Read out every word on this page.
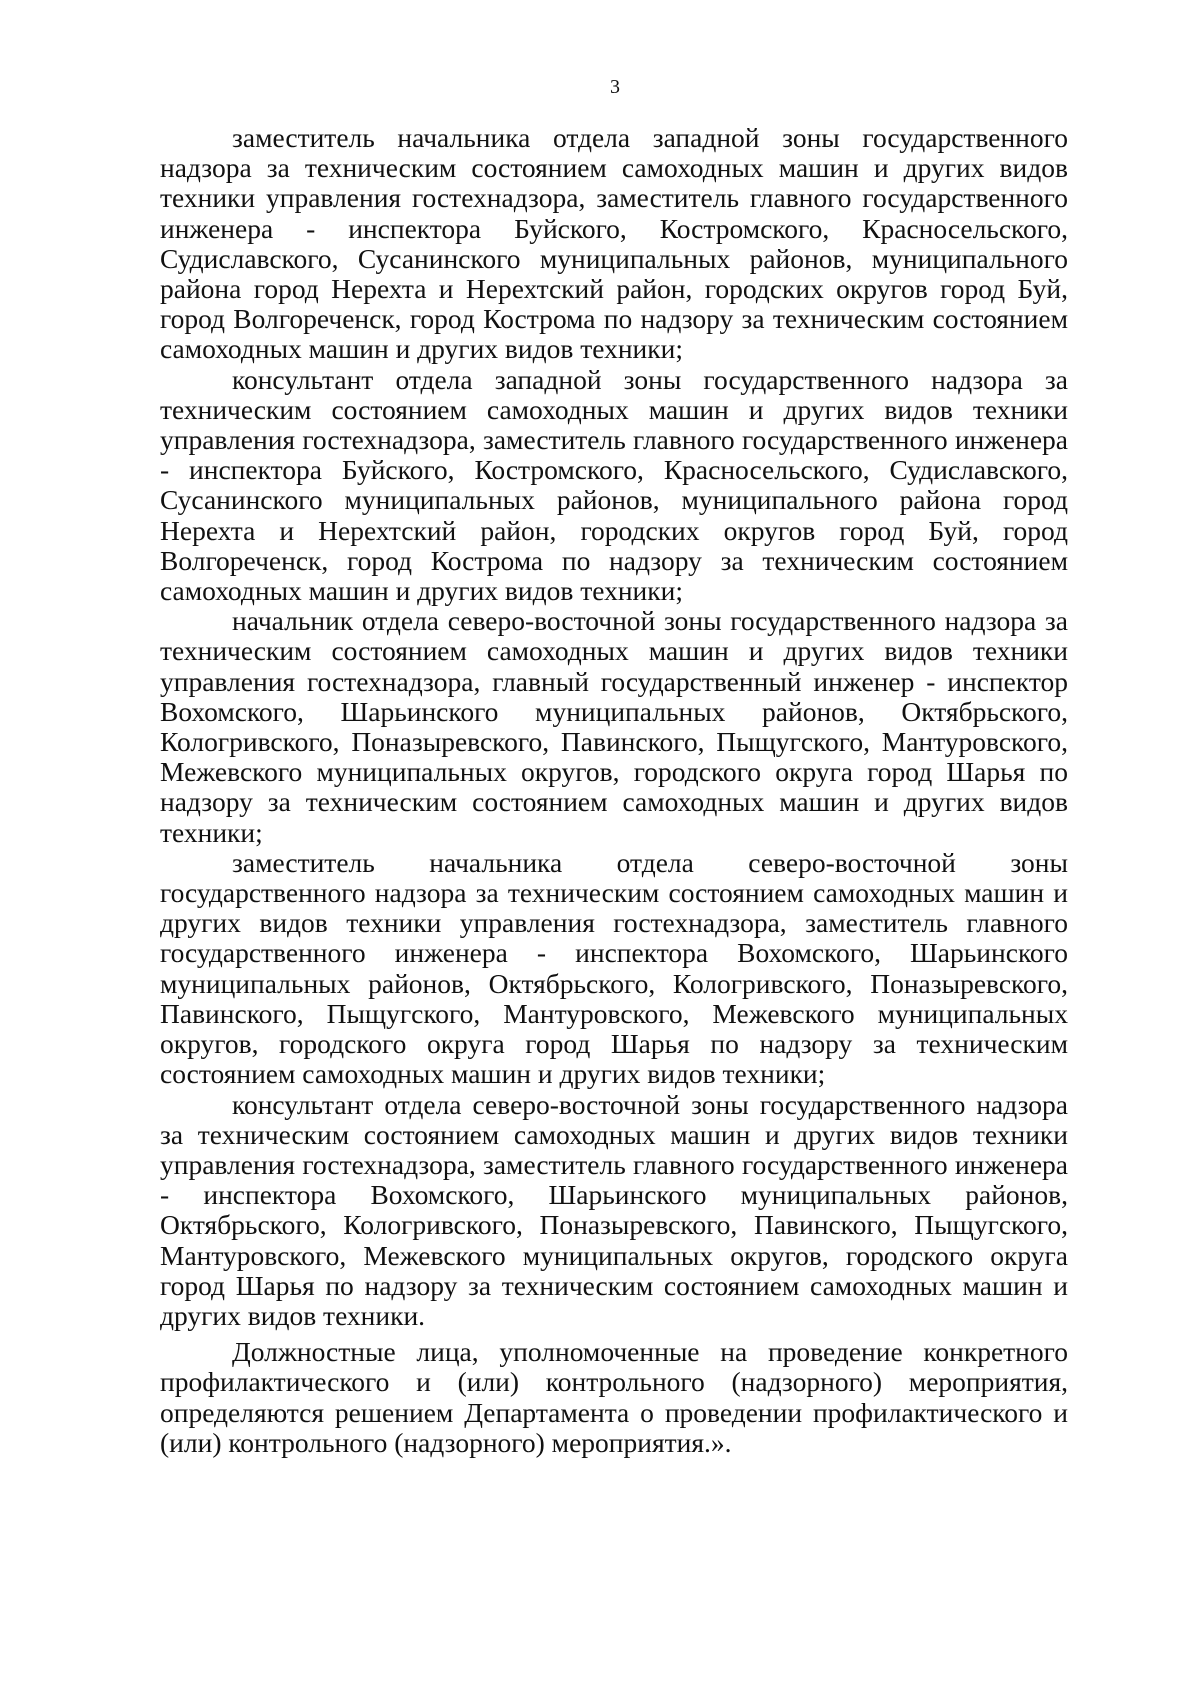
3

заместитель начальника отдела западной зоны государственного надзора за техническим состоянием самоходных машин и других видов техники управления гостехнадзора, заместитель главного государственного инженера - инспектора Буйского, Костромского, Красносельского, Судиславского, Сусанинского муниципальных районов, муниципального района город Нерехта и Нерехтский район, городских округов город Буй, город Волгореченск, город Кострома по надзору за техническим состоянием самоходных машин и других видов техники;

консультант отдела западной зоны государственного надзора за техническим состоянием самоходных машин и других видов техники управления гостехнадзора, заместитель главного государственного инженера - инспектора Буйского, Костромского, Красносельского, Судиславского, Сусанинского муниципальных районов, муниципального района город Нерехта и Нерехтский район, городских округов город Буй, город Волгореченск, город Кострома по надзору за техническим состоянием самоходных машин и других видов техники;

начальник отдела северо-восточной зоны государственного надзора за техническим состоянием самоходных машин и других видов техники управления гостехнадзора, главный государственный инженер - инспектор Вохомского, Шарьинского муниципальных районов, Октябрьского, Кологривского, Поназыревского, Павинского, Пыщугского, Мантуровского, Межевского муниципальных округов, городского округа город Шарья по надзору за техническим состоянием самоходных машин и других видов техники;

заместитель начальника отдела северо-восточной зоны государственного надзора за техническим состоянием самоходных машин и других видов техники управления гостехнадзора, заместитель главного государственного инженера - инспектора Вохомского, Шарьинского муниципальных районов, Октябрьского, Кологривского, Поназыревского, Павинского, Пыщугского, Мантуровского, Межевского муниципальных округов, городского округа город Шарья по надзору за техническим состоянием самоходных машин и других видов техники;

консультант отдела северо-восточной зоны государственного надзора за техническим состоянием самоходных машин и других видов техники управления гостехнадзора, заместитель главного государственного инженера - инспектора Вохомского, Шарьинского муниципальных районов, Октябрьского, Кологривского, Поназыревского, Павинского, Пыщугского, Мантуровского, Межевского муниципальных округов, городского округа город Шарья по надзору за техническим состоянием самоходных машин и других видов техники.

Должностные лица, уполномоченные на проведение конкретного профилактического и (или) контрольного (надзорного) мероприятия, определяются решением Департамента о проведении профилактического и (или) контрольного (надзорного) мероприятия.».
